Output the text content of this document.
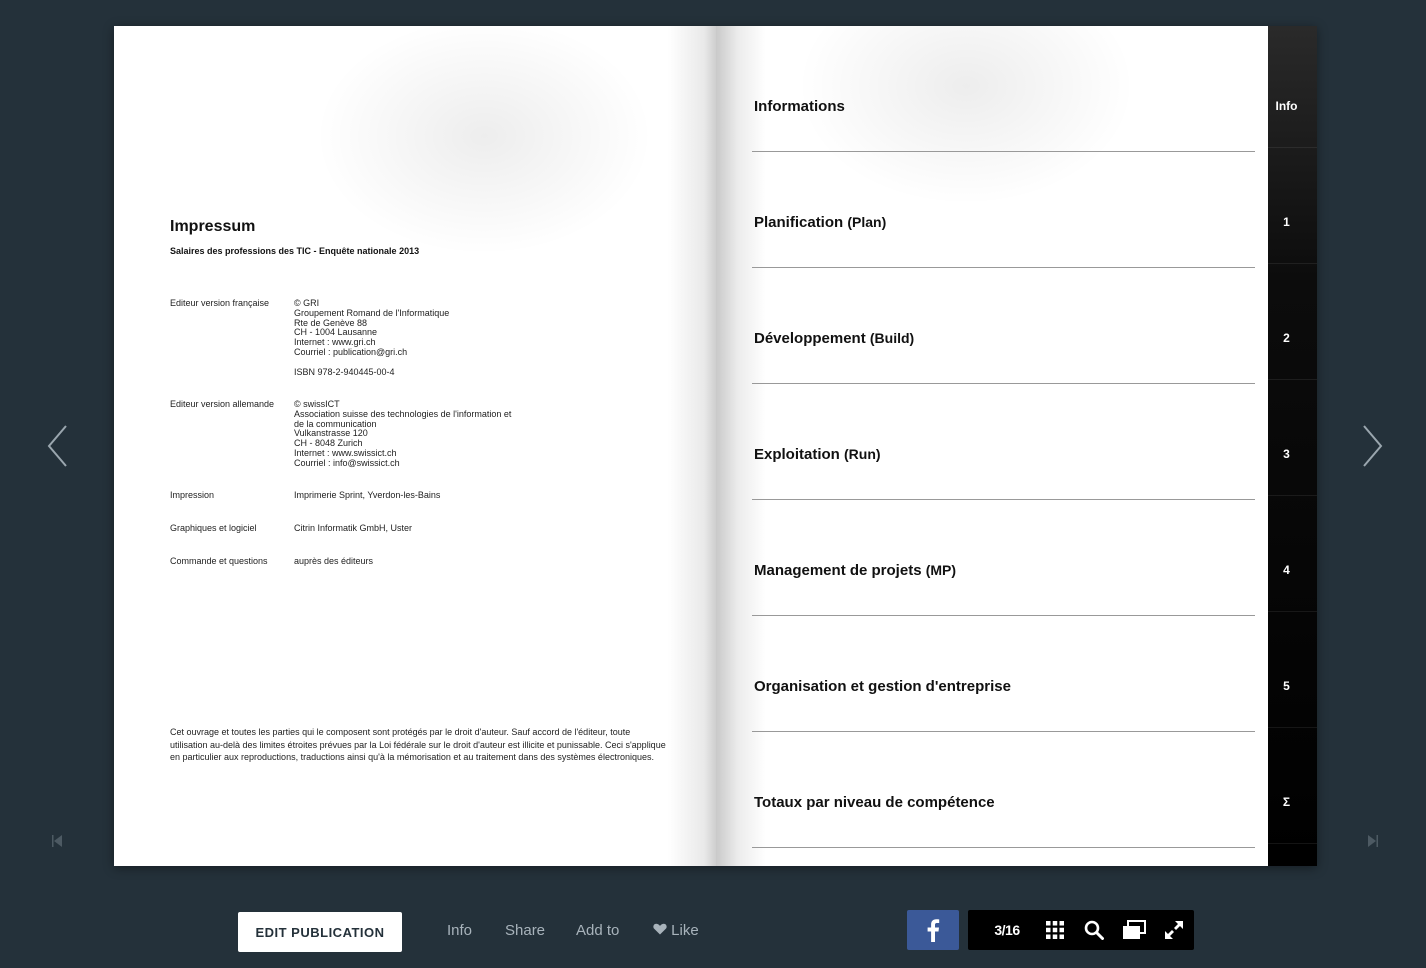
Impressum
Salaires des professions des TIC - Enquête nationale 2013
Editeur version française	© GRI
Groupement Romand de l'Informatique
Rte de Genève 88
CH - 1004 Lausanne
Internet : www.gri.ch
Courriel : publication@gri.ch
ISBN 978-2-940445-00-4
Editeur version allemande	© swissICT
Association suisse des technologies de l'information et
de la communication
Vulkanstrasse 120
CH - 8048 Zurich
Internet : www.swissict.ch
Courriel : info@swissict.ch
Impression	Imprimerie Sprint, Yverdon-les-Bains
Graphiques et logiciel	Citrin Informatik GmbH, Uster
Commande et questions	auprès des éditeurs
Cet ouvrage et toutes les parties qui le composent sont protégés par le droit d'auteur. Sauf accord de l'éditeur, toute utilisation au-delà des limites étroites prévues par la Loi fédérale sur le droit d'auteur est illicite et punissable. Ceci s'applique en particulier aux reproductions, traductions ainsi qu'à la mémorisation et au traitement dans des systèmes électroniques.
Informations
Planification (Plan)
Développement (Build)
Exploitation (Run)
Management de projets (MP)
Organisation et gestion d'entreprise
Totaux par niveau de compétence
Info
1
2
3
4
5
Σ
EDIT PUBLICATION	Info Share Add to	Like	3/16
